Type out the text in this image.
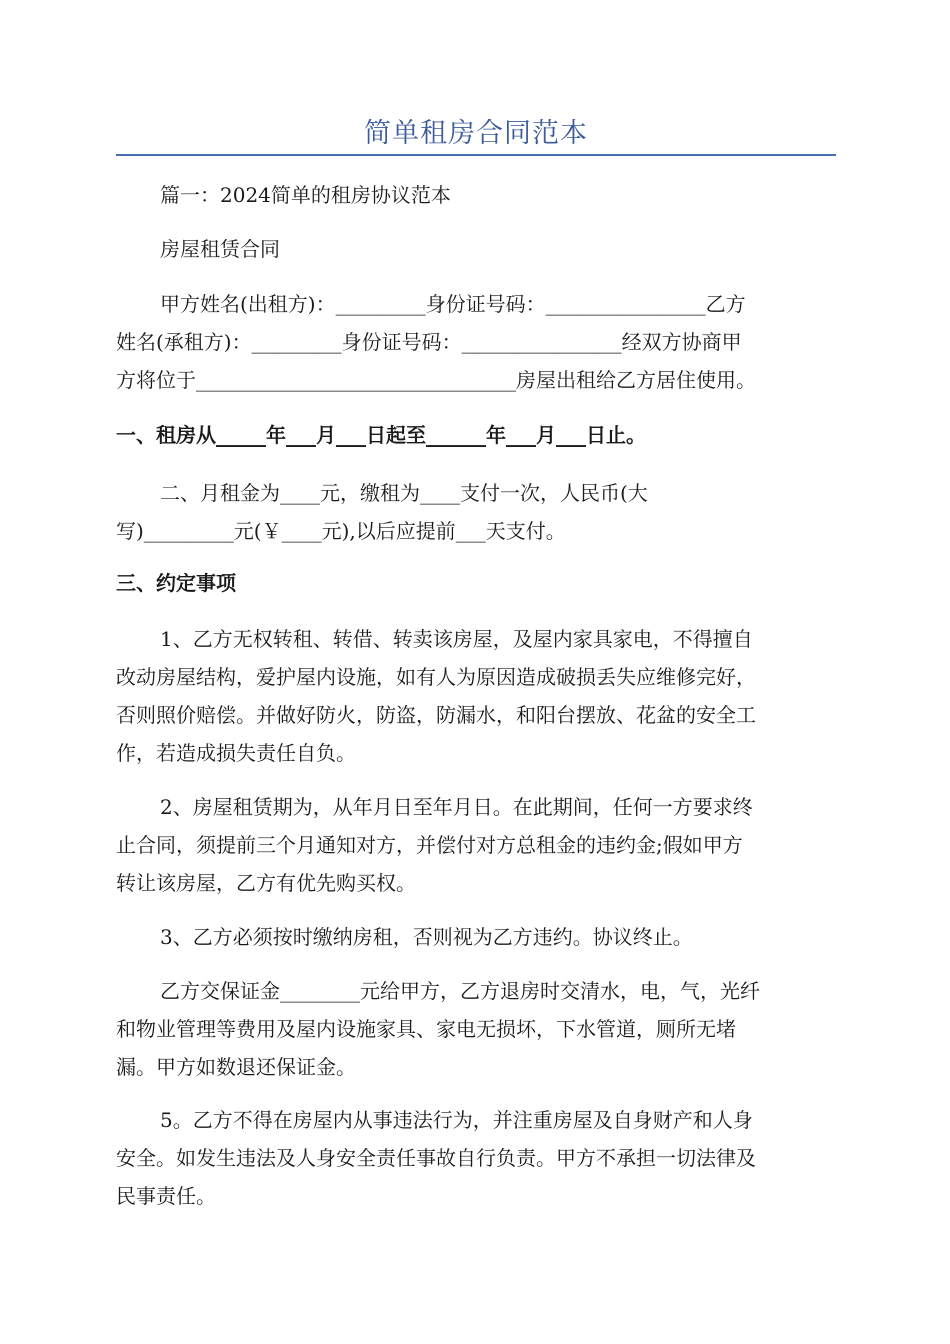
简单租房合同范本

篇一：2024简单的租房协议范本

房屋租赁合同

甲方姓名(出租方)：_________身份证号码：________________乙方
姓名(承租方)：_________身份证号码：________________经双方协商甲
方将位于________________________________房屋出租给乙方居住使用。

一、租房从_____年___月___日起至______年___月___日止。

二、月租金为____元，缴租为____支付一次，人民币(大
写)_________元(￥____元),以后应提前___天支付。

三、约定事项

1、乙方无权转租、转借、转卖该房屋，及屋内家具家电，不得擅自
改动房屋结构，爱护屋内设施，如有人为原因造成破损丢失应维修完好，
否则照价赔偿。并做好防火，防盗，防漏水，和阳台摆放、花盆的安全工
作，若造成损失责任自负。
2、房屋租赁期为，从年月日至年月日。在此期间，任何一方要求终
止合同，须提前三个月通知对方，并偿付对方总租金的违约金;假如甲方
转让该房屋，乙方有优先购买权。
3、乙方必须按时缴纳房租，否则视为乙方违约。协议终止。
乙方交保证金________元给甲方，乙方退房时交清水，电，气，光纤
和物业管理等费用及屋内设施家具、家电无损坏，下水管道，厕所无堵
漏。甲方如数退还保证金。
5。乙方不得在房屋内从事违法行为，并注重房屋及自身财产和人身
安全。如发生违法及人身安全责任事故自行负责。甲方不承担一切法律及
民事责任。
